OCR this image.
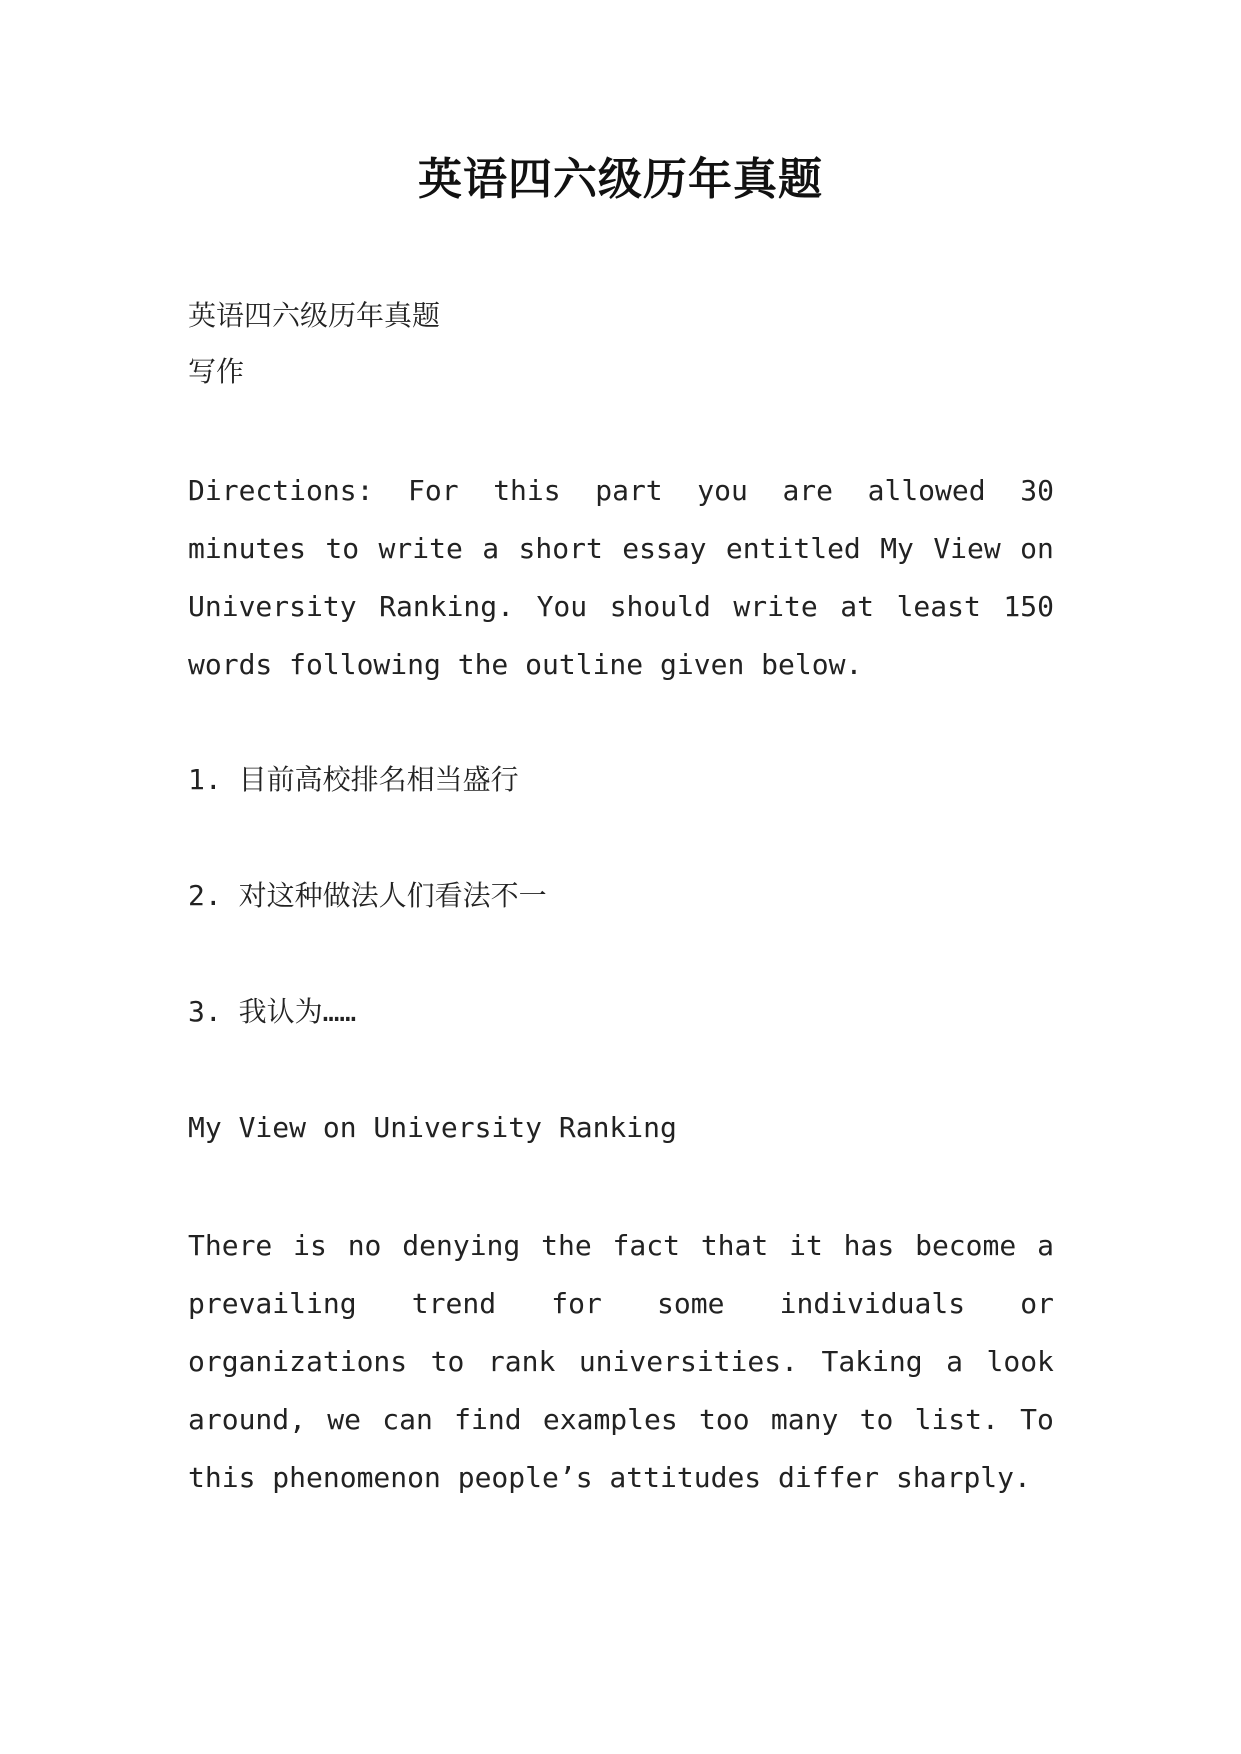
英语四六级历年真题
英语四六级历年真题
写作
Directions: For this part you are allowed 30
minutes to write a short essay entitled My View on
University Ranking. You should write at least 150
words following the outline given below.
1. 目前高校排名相当盛行
2. 对这种做法人们看法不一
3. 我认为……
My View on University Ranking
There is no denying the fact that it has become a
prevailing trend for some individuals or
organizations to rank universities. Taking a look
around, we can find examples too many to list. To
this phenomenon people’s attitudes differ sharply.
